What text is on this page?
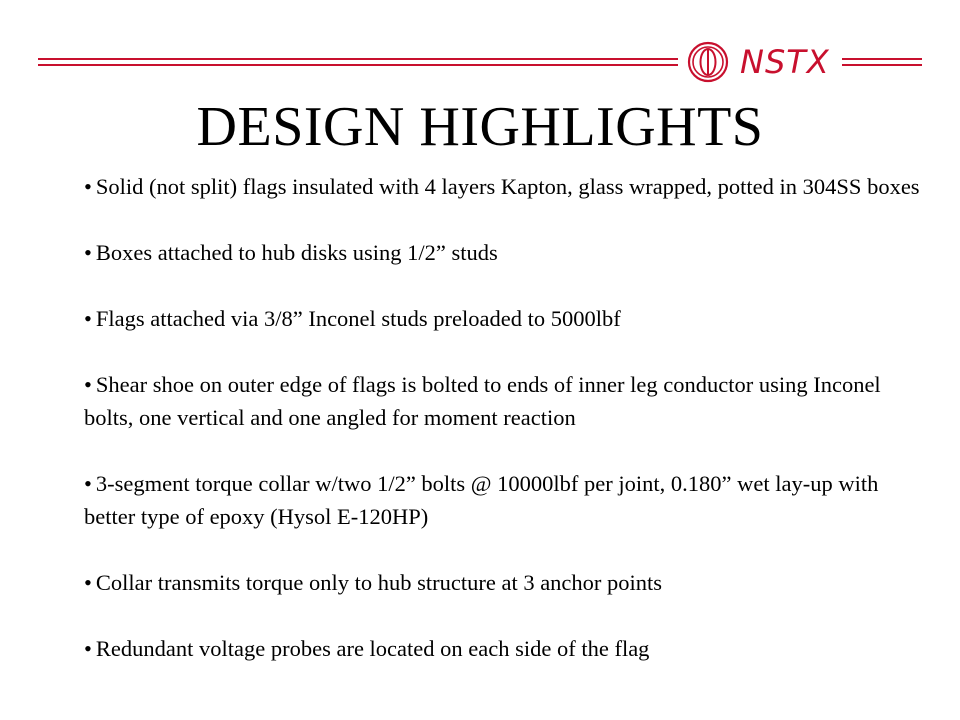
NSTX
DESIGN HIGHLIGHTS
• Solid (not split) flags insulated with 4 layers Kapton, glass wrapped, potted in 304SS boxes
• Boxes attached to hub disks using 1/2” studs
• Flags attached via 3/8” Inconel studs preloaded to 5000lbf
• Shear shoe on outer edge of flags is bolted to ends of inner leg conductor using Inconel bolts, one vertical and one angled for moment reaction
• 3-segment torque collar w/two 1/2” bolts @ 10000lbf per joint, 0.180” wet lay-up with better type of epoxy (Hysol E-120HP)
• Collar transmits torque only to hub structure at 3 anchor points
• Redundant voltage probes are located on each side of the flag
